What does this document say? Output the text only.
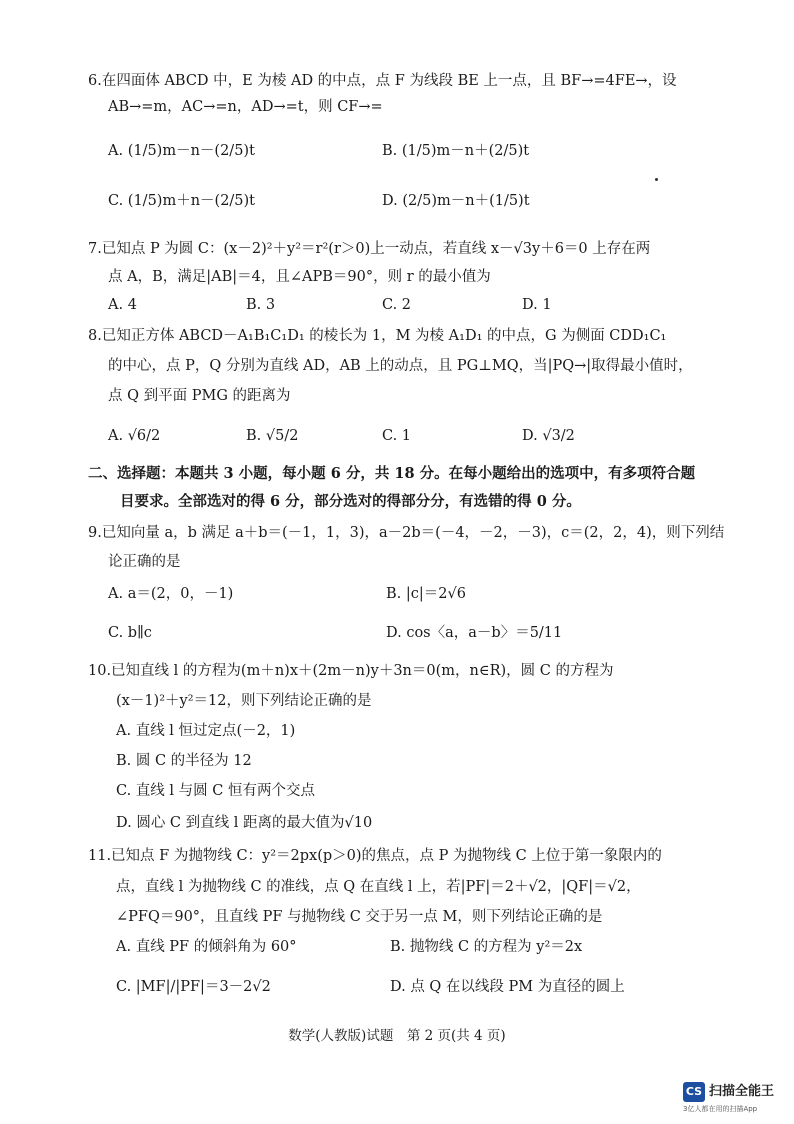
6.在四面体 ABCD 中，E 为棱 AD 的中点，点 F 为线段 BE 上一点，且 BF→=4FE→，设
AB→=m，AC→=n，AD→=t，则 CF→=
A. (1/5)m－n－(2/5)t	B. (1/5)m－n＋(2/5)t
C. (1/5)m＋n－(2/5)t	D. (2/5)m－n＋(1/5)t
7.已知点 P 为圆 C：(x－2)²＋y²＝r²(r＞0)上一动点，若直线 x－√3y＋6＝0 上存在两
点 A，B，满足|AB|＝4，且∠APB＝90°，则 r 的最小值为
A. 4	B. 3	C. 2	D. 1
8.已知正方体 ABCD－A₁B₁C₁D₁ 的棱长为 1，M 为棱 A₁D₁ 的中点，G 为侧面 CDD₁C₁
的中心，点 P，Q 分别为直线 AD，AB 上的动点，且 PG⊥MQ，当|PQ→|取得最小值时，
点 Q 到平面 PMG 的距离为
A. √6/2	B. √5/2	C. 1	D. √3/2
二、选择题：本题共 3 小题，每小题 6 分，共 18 分。在每小题给出的选项中，有多项符合题
目要求。全部选对的得 6 分，部分选对的得部分分，有选错的得 0 分。
9.已知向量 a，b 满足 a＋b＝(－1，1，3)，a－2b＝(－4，－2，－3)，c＝(2，2，4)，则下列结
论正确的是
A. a＝(2，0，－1)	B. |c|＝2√6
C. b∥c	D. cos〈a，a－b〉＝5/11
10.已知直线 l 的方程为(m＋n)x＋(2m－n)y＋3n＝0(m，n∈R)，圆 C 的方程为
(x－1)²＋y²＝12，则下列结论正确的是
A. 直线 l 恒过定点(－2，1)
B. 圆 C 的半径为 12
C. 直线 l 与圆 C 恒有两个交点
D. 圆心 C 到直线 l 距离的最大值为√10
11.已知点 F 为抛物线 C：y²＝2px(p＞0)的焦点，点 P 为抛物线 C 上位于第一象限内的
点，直线 l 为抛物线 C 的准线，点 Q 在直线 l 上，若|PF|＝2＋√2，|QF|＝√2，
∠PFQ＝90°，且直线 PF 与抛物线 C 交于另一点 M，则下列结论正确的是
A. 直线 PF 的倾斜角为 60°	B. 抛物线 C 的方程为 y²＝2x
C. |MF|/|PF|＝3－2√2	D. 点 Q 在以线段 PM 为直径的圆上
数学(人教版)试题　第 2 页(共 4 页)
CS 扫描全能王
3亿人都在用的扫描App
